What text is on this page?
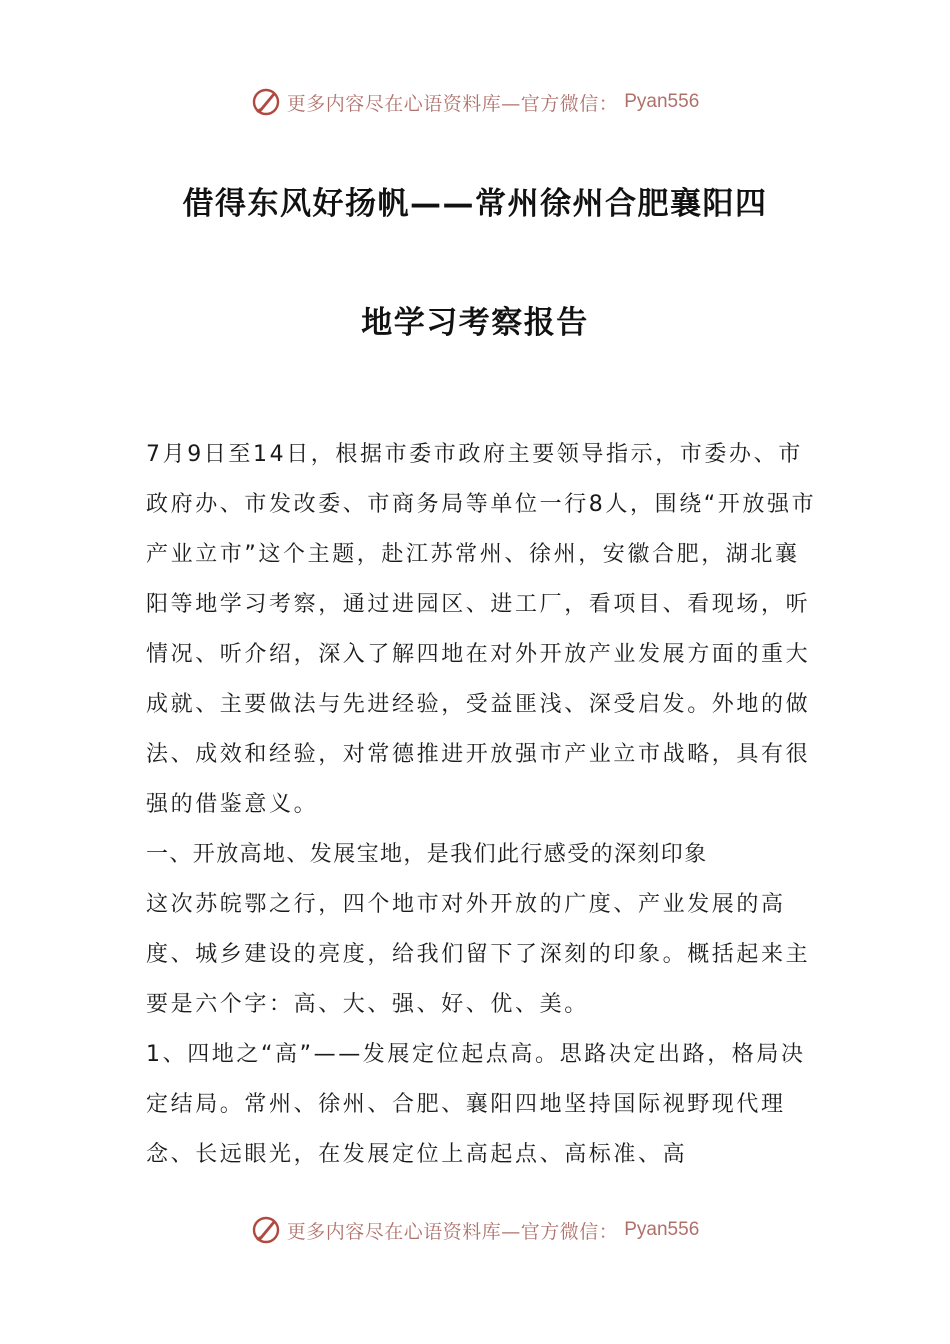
更多内容尽在心语资料库—官方微信： Pyan556
借得东风好扬帆——常州徐州合肥襄阳四
地学习考察报告

7月9日至14日，根据市委市政府主要领导指示，市委办、市政府办、市发改委、市商务局等单位一行8人，围绕“开放强市产业立市”这个主题，赴江苏常州、徐州，安徽合肥，湖北襄阳等地学习考察，通过进园区、进工厂，看项目、看现场，听情况、听介绍，深入了解四地在对外开放产业发展方面的重大成就、主要做法与先进经验，受益匪浅、深受启发。外地的做法、成效和经验，对常德推进开放强市产业立市战略，具有很强的借鉴意义。

一、开放高地、发展宝地，是我们此行感受的深刻印象

这次苏皖鄂之行，四个地市对外开放的广度、产业发展的高度、城乡建设的亮度，给我们留下了深刻的印象。概括起来主要是六个字：高、大、强、好、优、美。

1、四地之“高”——发展定位起点高。思路决定出路，格局决定结局。常州、徐州、合肥、襄阳四地坚持国际视野现代理念、长远眼光，在发展定位上高起点、高标准、高

更多内容尽在心语资料库—官方微信： Pyan556
